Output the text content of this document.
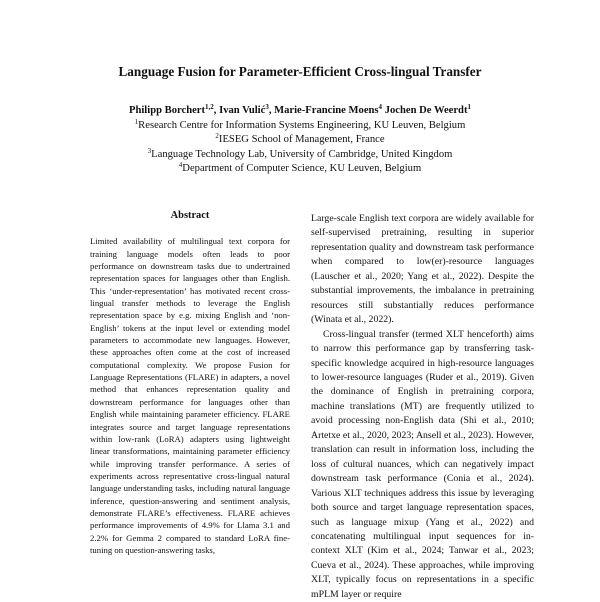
Language Fusion for Parameter-Efficient Cross-lingual Transfer
Philipp Borchert$^{1,2}$, Ivan Vulić$^3$, Marie-Francine Moens$^4$ Jochen De Weerdt$^1$
$^1$Research Centre for Information Systems Engineering, KU Leuven, Belgium
$^2$IESEG School of Management, France
$^3$Language Technology Lab, University of Cambridge, United Kingdom
$^4$Department of Computer Science, KU Leuven, Belgium
Abstract

Limited availability of multilingual text corpora for training language models often leads to poor performance on downstream tasks due to undertrained representation spaces for languages other than English. This ‘under-representation’ has motivated recent cross-lingual transfer methods to leverage the English representation space by e.g. mixing English and ‘non-English’ tokens at the input level or extending model parameters to accommodate new languages. However, these approaches often come at the cost of increased computational complexity. We propose Fusion for Language Representations (FLARE) in adapters, a novel method that enhances representation quality and downstream performance for languages other than English while maintaining parameter efficiency. FLARE integrates source and target language representations within low-rank (LoRA) adapters using lightweight linear transformations, maintaining parameter efficiency while improving transfer performance. A series of experiments across representative cross-lingual natural language understanding tasks, including natural language inference, question-answering and sentiment analysis, demonstrate FLARE’s effectiveness. FLARE achieves performance improvements of 4.9% for Llama 3.1 and 2.2% for Gemma 2 compared to standard LoRA fine-tuning on question-answering tasks,

Large-scale English text corpora are widely available for self-supervised pretraining, resulting in superior representation quality and downstream task performance when compared to low(er)-resource languages (Lauscher et al., 2020; Yang et al., 2022). Despite the substantial improvements, the imbalance in pretraining resources still substantially reduces performance (Winata et al., 2022).

Cross-lingual transfer (termed XLT henceforth) aims to narrow this performance gap by transferring task-specific knowledge acquired in high-resource languages to lower-resource languages (Ruder et al., 2019). Given the dominance of English in pretraining corpora, machine translations (MT) are frequently utilized to avoid processing non-English data (Shi et al., 2010; Artetxe et al., 2020, 2023; Ansell et al., 2023). However, translation can result in information loss, including the loss of cultural nuances, which can negatively impact downstream task performance (Conia et al., 2024). Various XLT techniques address this issue by leveraging both source and target language representation spaces, such as language mixup (Yang et al., 2022) and concatenating multilingual input sequences for in-context XLT (Kim et al., 2024; Tanwar et al., 2023; Cueva et al., 2024). These approaches, while improving XLT, typically focus on representations in a specific mPLM layer or require
